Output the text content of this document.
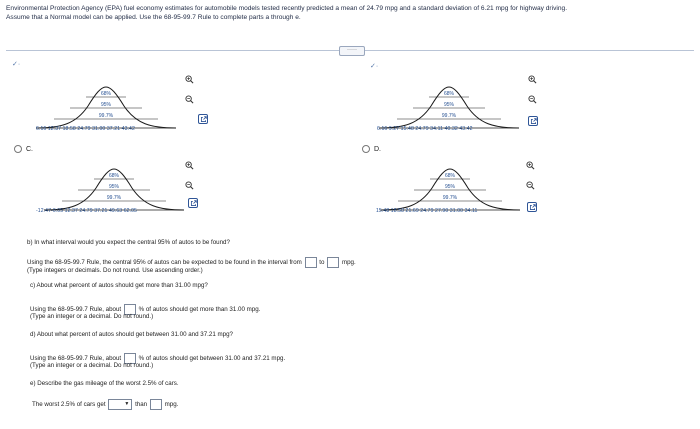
Environmental Protection Agency (EPA) fuel economy estimates for automobile models tested recently predicted a mean of 24.79 mpg and a standard deviation of 6.21 mpg for highway driving.
Assume that a Normal model can be applied. Use the 68-95-99.7 Rule to complete parts a through e.
·····
✓·	✓·
68%
95%
99.7%
6.16 12.37 18.58 24.79 31.00 37.21 43.42
C.	D.
68%
95%
99.7%
6.16 9.27 15.48 24.79 34.11 40.32 43.42
68%
95%
99.7%
-12.47-0.05 12.37 24.79 37.21 49.63 62.05
68%
95%
99.7%
15.48 18.58 21.69 24.79 27.90 31.00 34.11
b) In what interval would you expect the central 95% of autos to be found?
Using the 68-95-99.7 Rule, the central 95% of autos can be expected to be found in the interval from	to	mpg.
(Type integers or decimals. Do not round. Use ascending order.)
c) About what percent of autos should get more than 31.00 mpg?
Using the 68-95-99.7 Rule, about	% of autos should get more than 31.00 mpg.
(Type an integer or a decimal. Do not round.)
d) About what percent of autos should get between 31.00 and 37.21 mpg?
Using the 68-95-99.7 Rule, about	% of autos should get between 31.00 and 37.21 mpg.
(Type an integer or a decimal. Do not round.)
e) Describe the gas mileage of the worst 2.5% of cars.
The worst 2.5% of cars get	▼ than	mpg.
